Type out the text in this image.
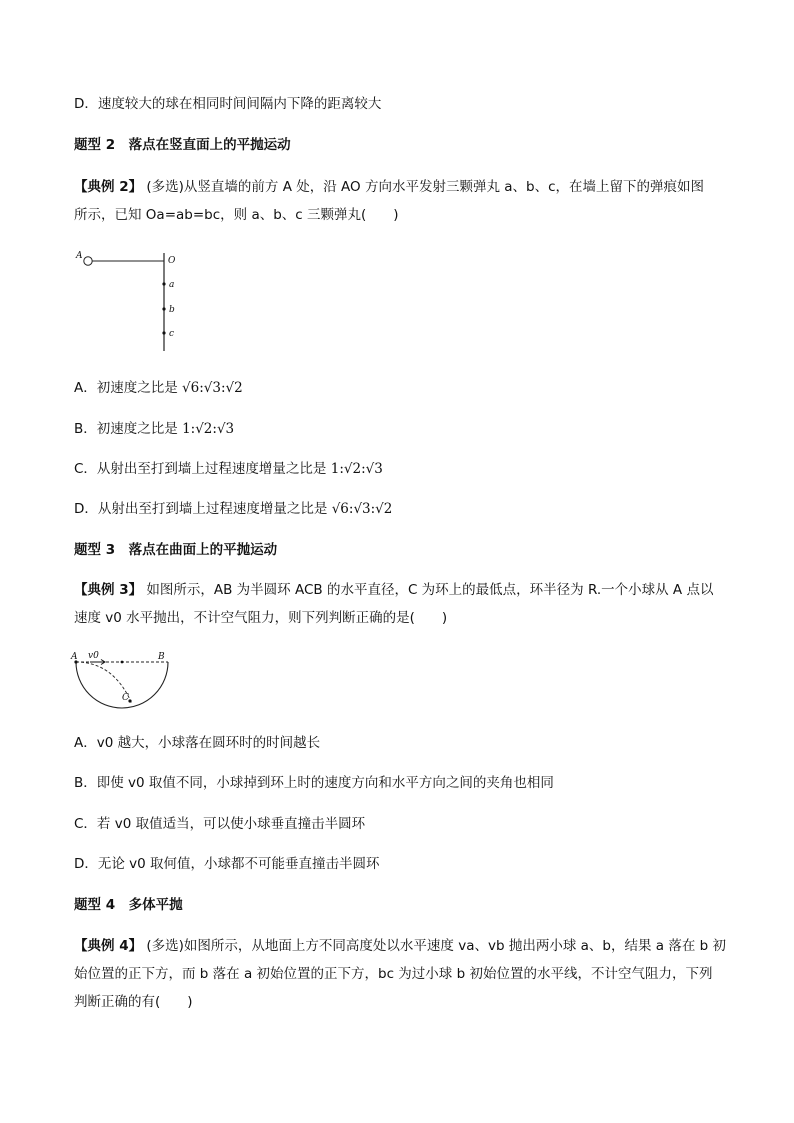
D．速度较大的球在相同时间间隔内下降的距离较大
题型 2　落点在竖直面上的平抛运动
【典例 2】 (多选)从竖直墙的前方 A 处，沿 AO 方向水平发射三颗弹丸 a、b、c，在墙上留下的弹痕如图
所示，已知 Oa=ab=bc，则 a、b、c 三颗弹丸(　　)
A	O
a
b
c
A．初速度之比是 √6:√3:√2
B．初速度之比是 1:√2:√3
C．从射出至打到墙上过程速度增量之比是 1:√2:√3
D．从射出至打到墙上过程速度增量之比是 √6:√3:√2
题型 3　落点在曲面上的平抛运动
【典例 3】 如图所示，AB 为半圆环 ACB 的水平直径，C 为环上的最低点，环半径为 R.一个小球从 A 点以
速度 v0 水平抛出，不计空气阻力，则下列判断正确的是(　　)
A v0	B
C
A．v0 越大，小球落在圆环时的时间越长
B．即使 v0 取值不同，小球掉到环上时的速度方向和水平方向之间的夹角也相同
C．若 v0 取值适当，可以使小球垂直撞击半圆环
D．无论 v0 取何值，小球都不可能垂直撞击半圆环
题型 4　多体平抛
【典例 4】 (多选)如图所示，从地面上方不同高度处以水平速度 va、vb 抛出两小球 a、b，结果 a 落在 b 初
始位置的正下方，而 b 落在 a 初始位置的正下方，bc 为过小球 b 初始位置的水平线，不计空气阻力，下列
判断正确的有(　　)
